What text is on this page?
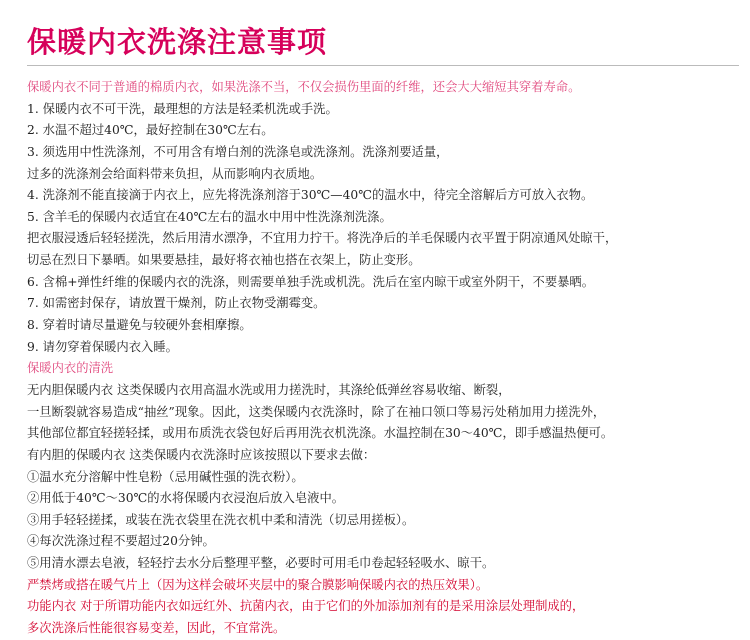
保暖内衣洗涤注意事项
保暖内衣不同于普通的棉质内衣，如果洗涤不当，不仅会损伤里面的纤维，还会大大缩短其穿着寿命。
1. 保暖内衣不可干洗，最理想的方法是轻柔机洗或手洗。
2. 水温不超过40℃，最好控制在30℃左右。
3. 须选用中性洗涤剂，不可用含有增白剂的洗涤皂或洗涤剂。洗涤剂要适量，
过多的洗涤剂会给面料带来负担，从而影响内衣质地。
4. 洗涤剂不能直接滴于内衣上，应先将洗涤剂溶于30℃—40℃的温水中，待完全溶解后方可放入衣物。
5. 含羊毛的保暖内衣适宜在40℃左右的温水中用中性洗涤剂洗涤。
把衣服浸透后轻轻搓洗，然后用清水漂净，不宜用力拧干。将洗净后的羊毛保暖内衣平置于阴凉通风处晾干，
切忌在烈日下暴晒。如果要悬挂，最好将衣袖也搭在衣架上，防止变形。
6. 含棉+弹性纤维的保暖内衣的洗涤，则需要单独手洗或机洗。洗后在室内晾干或室外阴干，不要暴晒。
7. 如需密封保存，请放置干燥剂，防止衣物受潮霉变。
8. 穿着时请尽量避免与较硬外套相摩擦。
9. 请勿穿着保暖内衣入睡。
保暖内衣的清洗
无内胆保暖内衣 这类保暖内衣用高温水洗或用力搓洗时，其涤纶低弹丝容易收缩、断裂，
一旦断裂就容易造成“抽丝”现象。因此，这类保暖内衣洗涤时，除了在袖口领口等易污处稍加用力搓洗外，
其他部位都宜轻搓轻揉，或用布质洗衣袋包好后再用洗衣机洗涤。水温控制在30～40℃，即手感温热便可。
有内胆的保暖内衣 这类保暖内衣洗涤时应该按照以下要求去做：
①温水充分溶解中性皂粉（忌用碱性强的洗衣粉）。
②用低于40℃～30℃的水将保暖内衣浸泡后放入皂液中。
③用手轻轻搓揉，或装在洗衣袋里在洗衣机中柔和清洗（切忌用搓板）。
④每次洗涤过程不要超过20分钟。
⑤用清水漂去皂液，轻轻拧去水分后整理平整，必要时可用毛巾卷起轻轻吸水、晾干。
严禁烤或搭在暖气片上（因为这样会破坏夹层中的聚合膜影响保暖内衣的热压效果）。
功能内衣 对于所谓功能内衣如远红外、抗菌内衣，由于它们的外加添加剂有的是采用涂层处理制成的，
多次洗涤后性能很容易变差，因此，不宜常洗。
